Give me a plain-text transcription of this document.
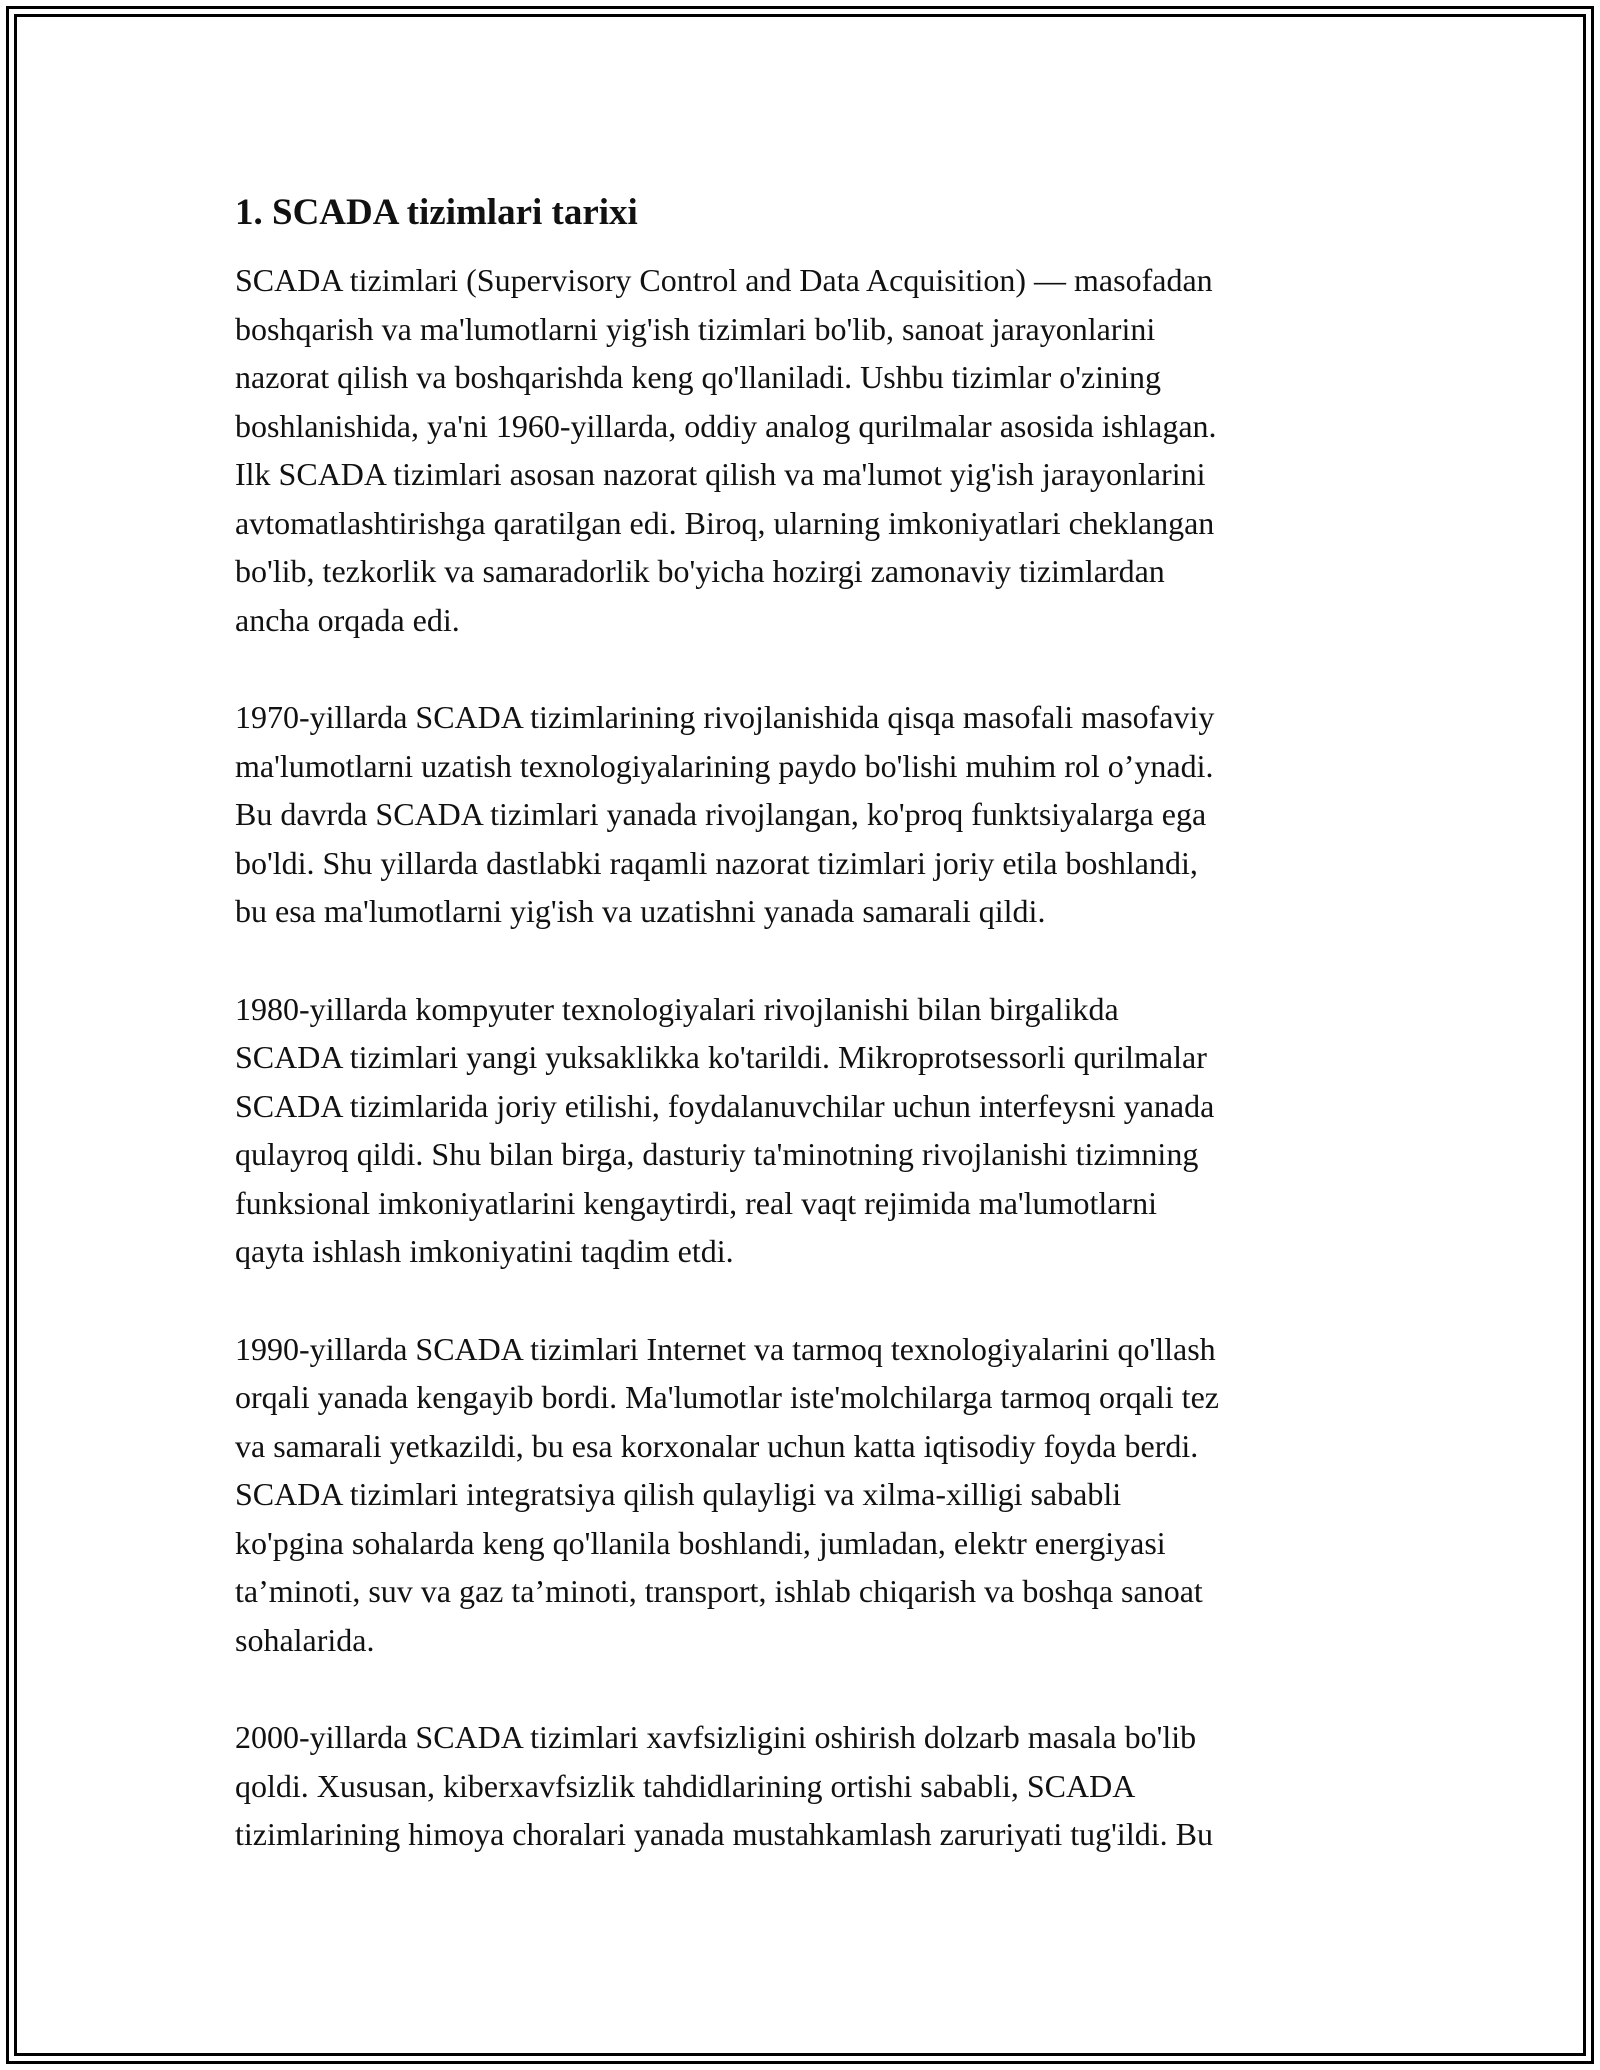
1. SCADA tizimlari tarixi

SCADA tizimlari (Supervisory Control and Data Acquisition) — masofadan
boshqarish va ma'lumotlarni yig'ish tizimlari bo'lib, sanoat jarayonlarini
nazorat qilish va boshqarishda keng qo'llaniladi. Ushbu tizimlar o'zining
boshlanishida, ya'ni 1960-yillarda, oddiy analog qurilmalar asosida ishlagan.
Ilk SCADA tizimlari asosan nazorat qilish va ma'lumot yig'ish jarayonlarini
avtomatlashtirishga qaratilgan edi. Biroq, ularning imkoniyatlari cheklangan
bo'lib, tezkorlik va samaradorlik bo'yicha hozirgi zamonaviy tizimlardan
ancha orqada edi.

1970-yillarda SCADA tizimlarining rivojlanishida qisqa masofali masofaviy
ma'lumotlarni uzatish texnologiyalarining paydo bo'lishi muhim rol o’ynadi.
Bu davrda SCADA tizimlari yanada rivojlangan, ko'proq funktsiyalarga ega
bo'ldi. Shu yillarda dastlabki raqamli nazorat tizimlari joriy etila boshlandi,
bu esa ma'lumotlarni yig'ish va uzatishni yanada samarali qildi.

1980-yillarda kompyuter texnologiyalari rivojlanishi bilan birgalikda
SCADA tizimlari yangi yuksaklikka ko'tarildi. Mikroprotsessorli qurilmalar
SCADA tizimlarida joriy etilishi, foydalanuvchilar uchun interfeysni yanada
qulayroq qildi. Shu bilan birga, dasturiy ta'minotning rivojlanishi tizimning
funksional imkoniyatlarini kengaytirdi, real vaqt rejimida ma'lumotlarni
qayta ishlash imkoniyatini taqdim etdi.

1990-yillarda SCADA tizimlari Internet va tarmoq texnologiyalarini qo'llash
orqali yanada kengayib bordi. Ma'lumotlar iste'molchilarga tarmoq orqali tez
va samarali yetkazildi, bu esa korxonalar uchun katta iqtisodiy foyda berdi.
SCADA tizimlari integratsiya qilish qulayligi va xilma-xilligi sababli
ko'pgina sohalarda keng qo'llanila boshlandi, jumladan, elektr energiyasi
ta’minoti, suv va gaz ta’minoti, transport, ishlab chiqarish va boshqa sanoat
sohalarida.

2000-yillarda SCADA tizimlari xavfsizligini oshirish dolzarb masala bo'lib
qoldi. Xususan, kiberxavfsizlik tahdidlarining ortishi sababli, SCADA
tizimlarining himoya choralari yanada mustahkamlash zaruriyati tug'ildi. Bu
